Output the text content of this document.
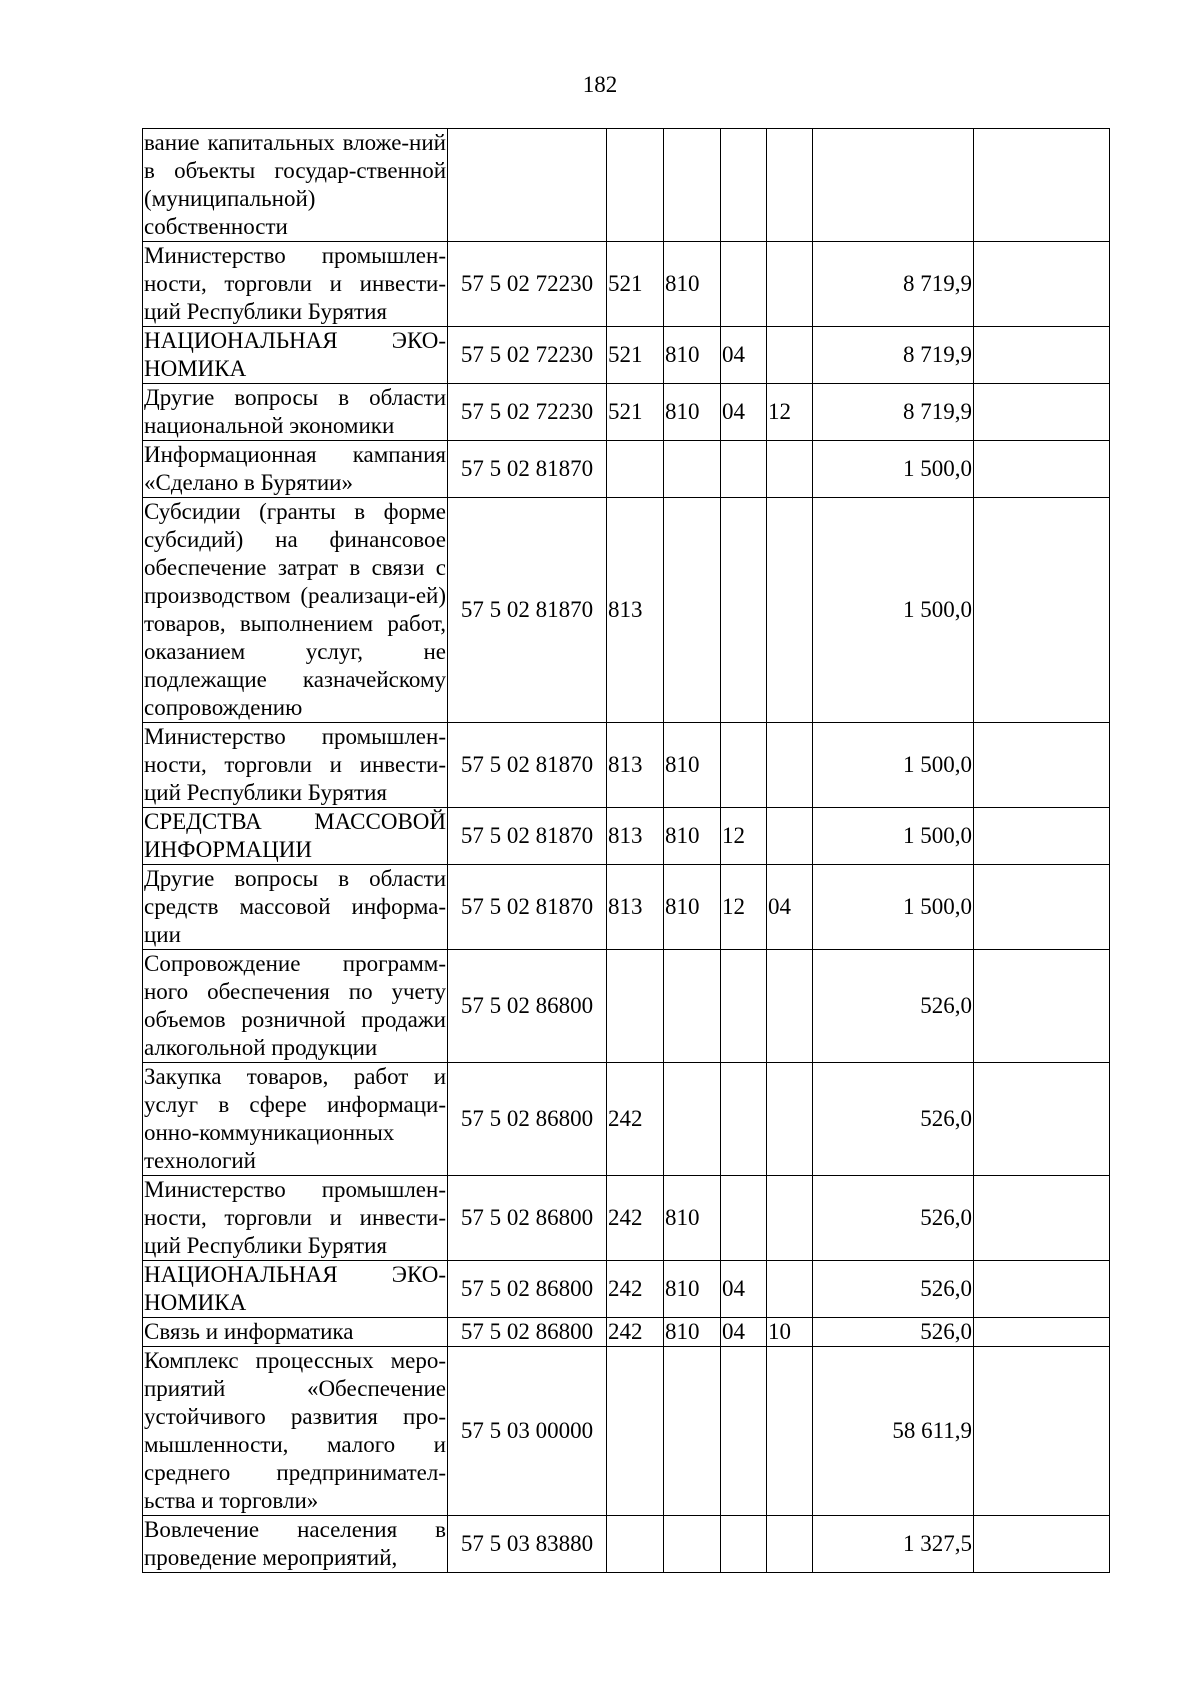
182
вание капитальных вложе-ний в объекты государ-ственной (муниципальной) собственности							
Министерство промышлен-ности, торговли и инвести-ций Республики Бурятия	57 5 02 72230	521	810			8 719,9	
НАЦИОНАЛЬНАЯ ЭКО-НОМИКА	57 5 02 72230	521	810	04		8 719,9	
Другие вопросы в области национальной экономики	57 5 02 72230	521	810	04	12	8 719,9	
Информационная кампания «Сделано в Бурятии»	57 5 02 81870					1 500,0	
Субсидии (гранты в форме субсидий) на финансовое обеспечение затрат в связи с производством (реализаци-ей) товаров, выполнением работ, оказанием услуг, не подлежащие казначейскому сопровождению	57 5 02 81870	813				1 500,0	
Министерство промышлен-ности, торговли и инвести-ций Республики Бурятия	57 5 02 81870	813	810			1 500,0	
СРЕДСТВА МАССОВОЙ ИНФОРМАЦИИ	57 5 02 81870	813	810	12		1 500,0	
Другие вопросы в области средств массовой информа-ции	57 5 02 81870	813	810	12	04	1 500,0	
Сопровождение программ-ного обеспечения по учету объемов розничной продажи алкогольной продукции	57 5 02 86800					526,0	
Закупка товаров, работ и услуг в сфере информаци-онно-коммуникационных технологий	57 5 02 86800	242				526,0	
Министерство промышлен-ности, торговли и инвести-ций Республики Бурятия	57 5 02 86800	242	810			526,0	
НАЦИОНАЛЬНАЯ ЭКО-НОМИКА	57 5 02 86800	242	810	04		526,0	
Связь и информатика	57 5 02 86800	242	810	04	10	526,0	
Комплекс процессных меро-приятий «Обеспечение устойчивого развития про-мышленности, малого и среднего предпринимател-ьства и торговли»	57 5 03 00000					58 611,9	
Вовлечение населения в проведение мероприятий,	57 5 03 83880					1 327,5	
